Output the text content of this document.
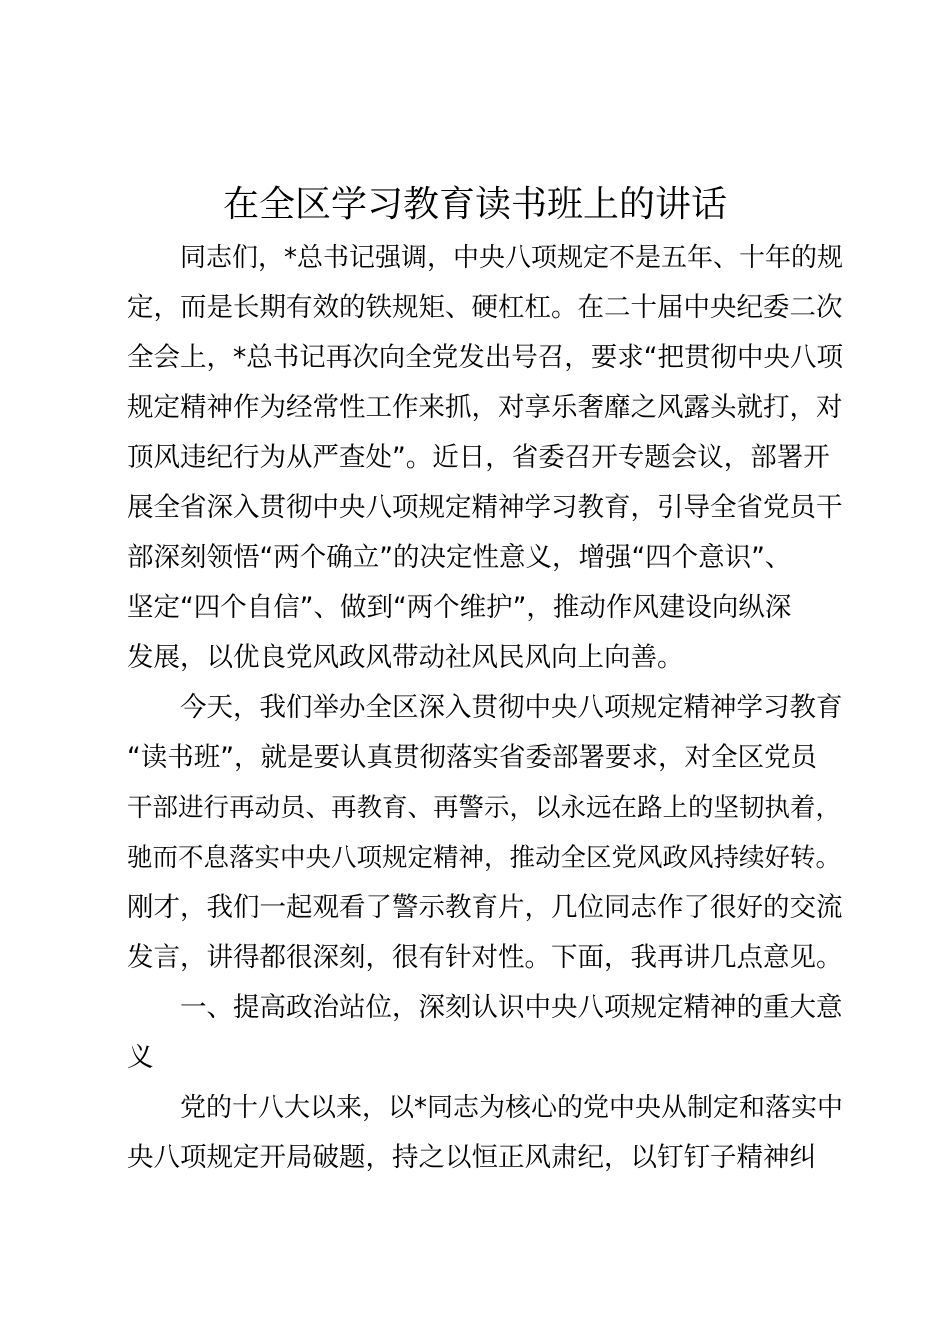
在全区学习教育读书班上的讲话
同志们，*总书记强调，中央八项规定不是五年、十年的规
定，而是长期有效的铁规矩、硬杠杠。在二十届中央纪委二次
全会上，*总书记再次向全党发出号召，要求“把贯彻中央八项
规定精神作为经常性工作来抓，对享乐奢靡之风露头就打，对
顶风违纪行为从严查处”。近日，省委召开专题会议，部署开
展全省深入贯彻中央八项规定精神学习教育，引导全省党员干
部深刻领悟“两个确立”的决定性意义，增强“四个意识”、
坚定“四个自信”、做到“两个维护”，推动作风建设向纵深
发展，以优良党风政风带动社风民风向上向善。
今天，我们举办全区深入贯彻中央八项规定精神学习教育
“读书班”，就是要认真贯彻落实省委部署要求，对全区党员
干部进行再动员、再教育、再警示，以永远在路上的坚韧执着，
驰而不息落实中央八项规定精神，推动全区党风政风持续好转。
刚才，我们一起观看了警示教育片，几位同志作了很好的交流
发言，讲得都很深刻，很有针对性。下面，我再讲几点意见。
一、提高政治站位，深刻认识中央八项规定精神的重大意
义
党的十八大以来，以*同志为核心的党中央从制定和落实中
央八项规定开局破题，持之以恒正风肃纪，以钉钉子精神纠
